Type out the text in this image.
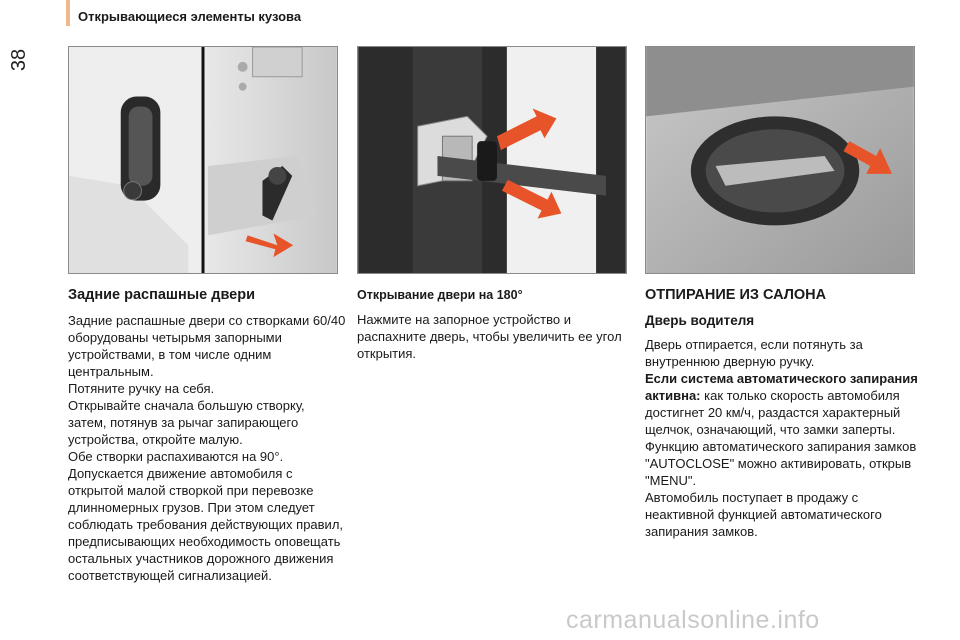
38
Открывающиеся элементы кузова
Задние распашные двери

Задние распашные двери со створками 60/40 оборудованы четырьмя запорными устройствами, в том числе одним центральным.

Потяните ручку на себя.

Открывайте сначала большую створку, затем, потянув за рычаг запирающего устройства, откройте малую.

Обе створки распахиваются на 90°.

Допускается движение автомобиля с открытой малой створкой при перевозке длинномерных грузов. При этом следует соблюдать требования действующих правил, предписывающих необходимость оповещать остальных участников дорожного движения соответствующей сигнализацией.

Открывание двери на 180°

Нажмите на запорное устройство и распахните дверь, чтобы увеличить ее угол открытия.

ОТПИРАНИЕ ИЗ САЛОНА
Дверь водителя

Дверь отпирается, если потянуть за внутреннюю дверную ручку.

Если система автоматического запирания активна: как только скорость автомобиля достигнет 20 км/ч, раздастся характерный щелчок, означающий, что замки заперты.

Функцию автоматического запирания замков "AUTOCLOSE" можно активировать, открыв "MENU".

Автомобиль поступает в продажу с неактивной функцией автоматического запирания замков.

carmanualsonline.info
